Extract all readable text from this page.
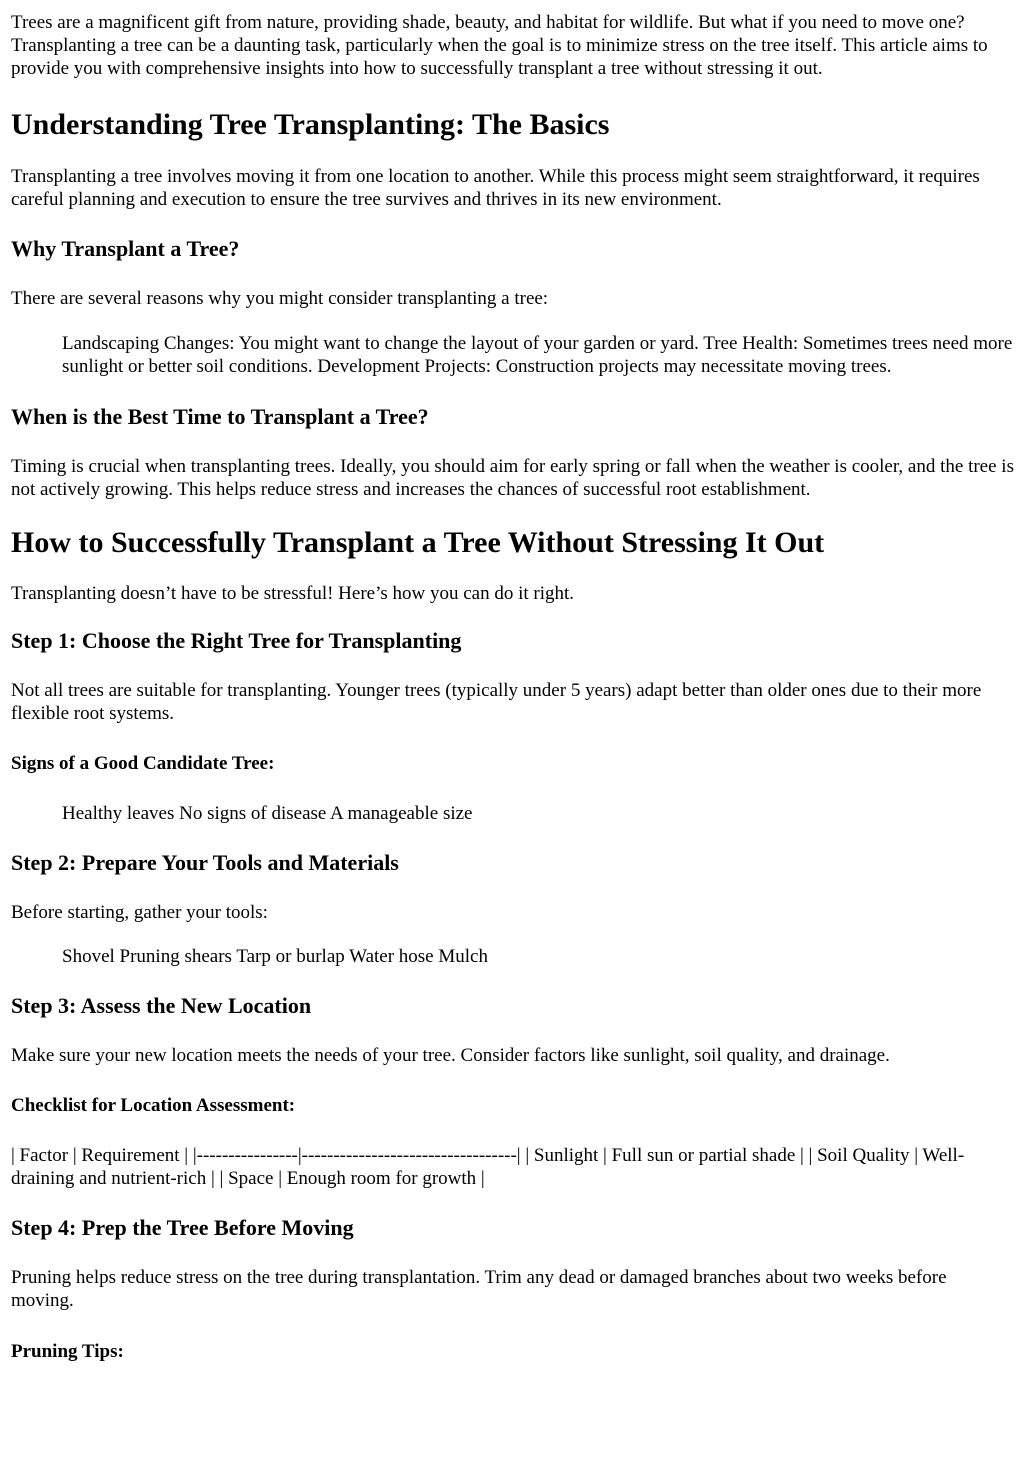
Trees are a magnificent gift from nature, providing shade, beauty, and habitat for wildlife. But what if you need to move one? Transplanting a tree can be a daunting task, particularly when the goal is to minimize stress on the tree itself. This article aims to provide you with comprehensive insights into how to successfully transplant a tree without stressing it out.

Understanding Tree Transplanting: The Basics

Transplanting a tree involves moving it from one location to another. While this process might seem straightforward, it requires careful planning and execution to ensure the tree survives and thrives in its new environment.

Why Transplant a Tree?

There are several reasons why you might consider transplanting a tree:

Landscaping Changes: You might want to change the layout of your garden or yard. Tree Health: Sometimes trees need more sunlight or better soil conditions. Development Projects: Construction projects may necessitate moving trees.

When is the Best Time to Transplant a Tree?

Timing is crucial when transplanting trees. Ideally, you should aim for early spring or fall when the weather is cooler, and the tree is not actively growing. This helps reduce stress and increases the chances of successful root establishment.

How to Successfully Transplant a Tree Without Stressing It Out

Transplanting doesn’t have to be stressful! Here’s how you can do it right.

Step 1: Choose the Right Tree for Transplanting

Not all trees are suitable for transplanting. Younger trees (typically under 5 years) adapt better than older ones due to their more flexible root systems.

Signs of a Good Candidate Tree:

Healthy leaves No signs of disease A manageable size

Step 2: Prepare Your Tools and Materials

Before starting, gather your tools:

Shovel Pruning shears Tarp or burlap Water hose Mulch

Step 3: Assess the New Location

Make sure your new location meets the needs of your tree. Consider factors like sunlight, soil quality, and drainage.

Checklist for Location Assessment:

| Factor | Requirement | |----------------|----------------------------------| | Sunlight | Full sun or partial shade | | Soil Quality | Well-draining and nutrient-rich | | Space | Enough room for growth |

Step 4: Prep the Tree Before Moving

Pruning helps reduce stress on the tree during transplantation. Trim any dead or damaged branches about two weeks before moving.

Pruning Tips:
